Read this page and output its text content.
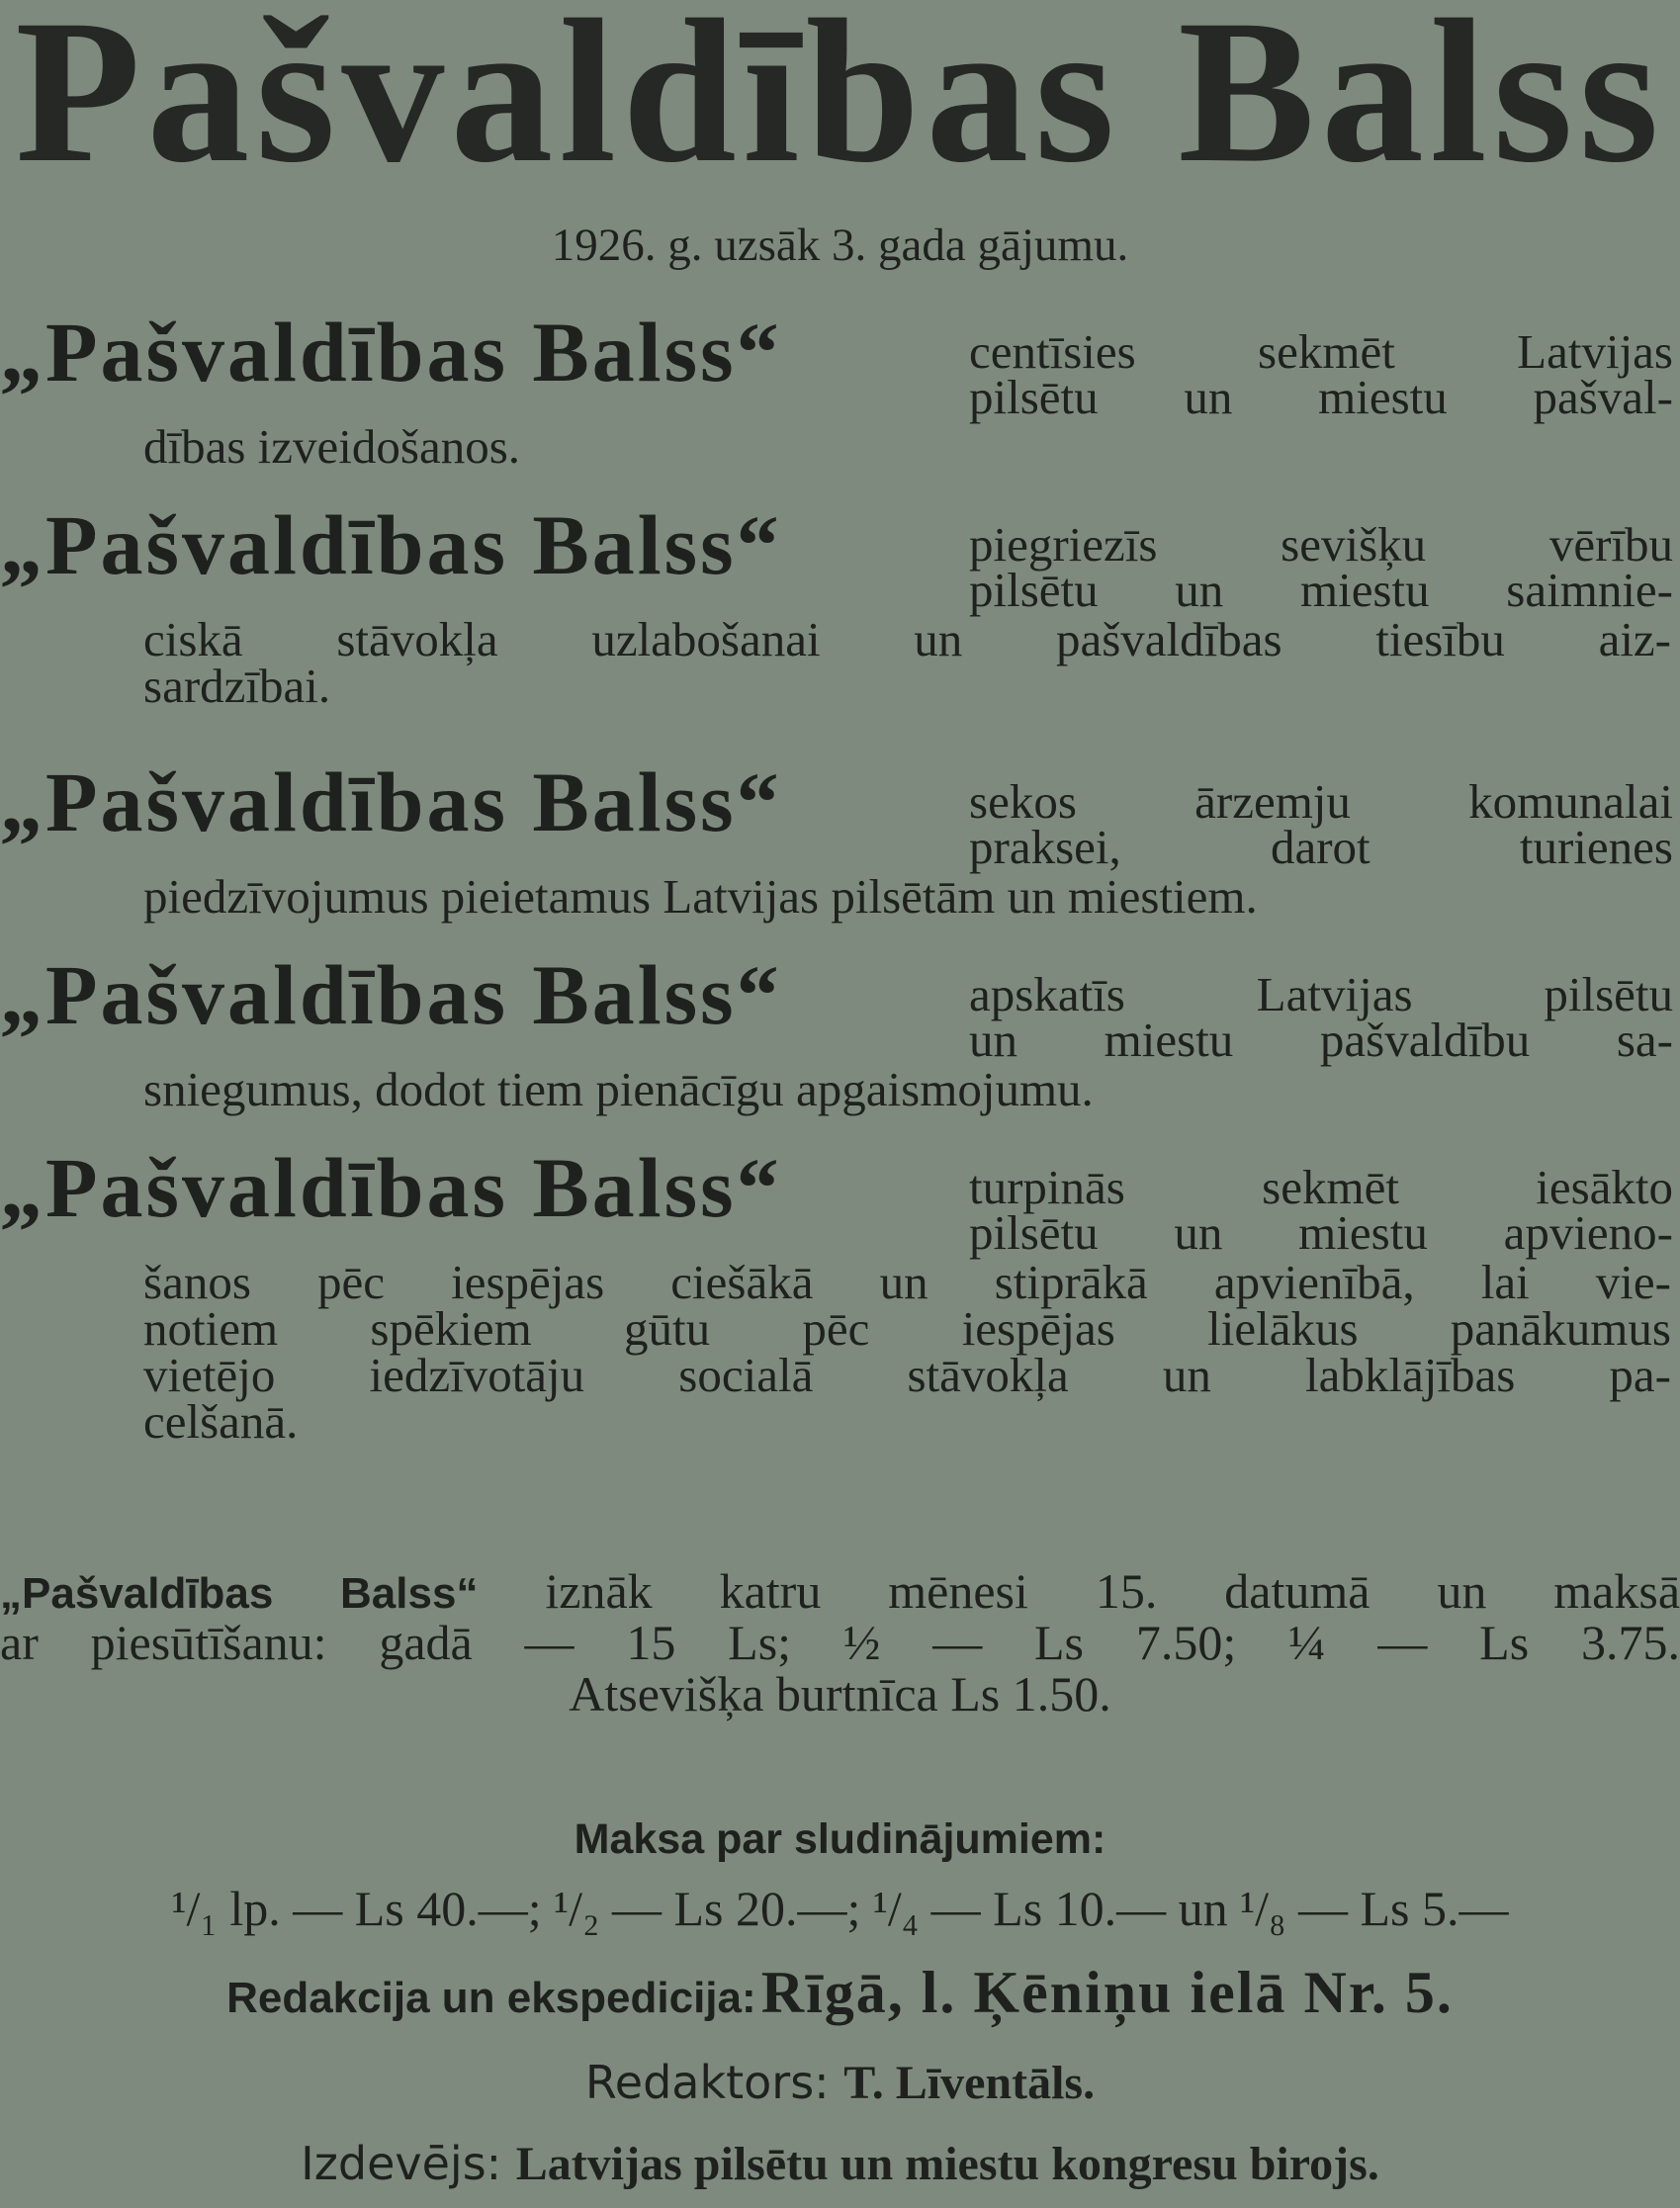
Pašvaldības Balss
1926. g. uzsāk 3. gada gājumu.
„Pašvaldības Balss“	centīsies sekmēt Latvijas
pilsētu un miestu pašval-
dības izveidošanos.
„Pašvaldības Balss“	piegriezīs sevišķu vērību
pilsētu un miestu saimnie-
ciskā stāvokļa uzlabošanai un pašvaldības tiesību aiz-
sardzībai.
„Pašvaldības Balss“	sekos ārzemju komunalai
praksei, darot turienes
piedzīvojumus pieietamus Latvijas pilsētām un miestiem.
„Pašvaldības Balss“	apskatīs Latvijas pilsētu
un miestu pašvaldību sa-
sniegumus, dodot tiem pienācīgu apgaismojumu.
„Pašvaldības Balss“	turpinās sekmēt iesākto
pilsētu un miestu apvieno-
šanos pēc iespējas ciešākā un stiprākā apvienībā, lai vie-
notiem spēkiem gūtu pēc iespējas lielākus panākumus
vietējo iedzīvotāju socialā stāvokļa un labklājības pa-
celšanā.
„Pašvaldības Balss“ iznāk katru mēnesi 15. datumā un maksā
ar piesūtīšanu: gadā — 15 Ls; ½ — Ls 7.50; ¼ — Ls 3.75.
Atsevišķa burtnīca Ls 1.50.
Maksa par sludinājumiem:
¹/₁ lp. — Ls 40.—; ¹/₂ — Ls 20.—; ¹/₄ — Ls 10.— un ¹/₈ — Ls 5.—
Redakcija un ekspedicija: Rīgā, l. Ķēniņu ielā Nr. 5.
Redaktors: T. Līventāls.
Izdevējs: Latvijas pilsētu un miestu kongresu birojs.
